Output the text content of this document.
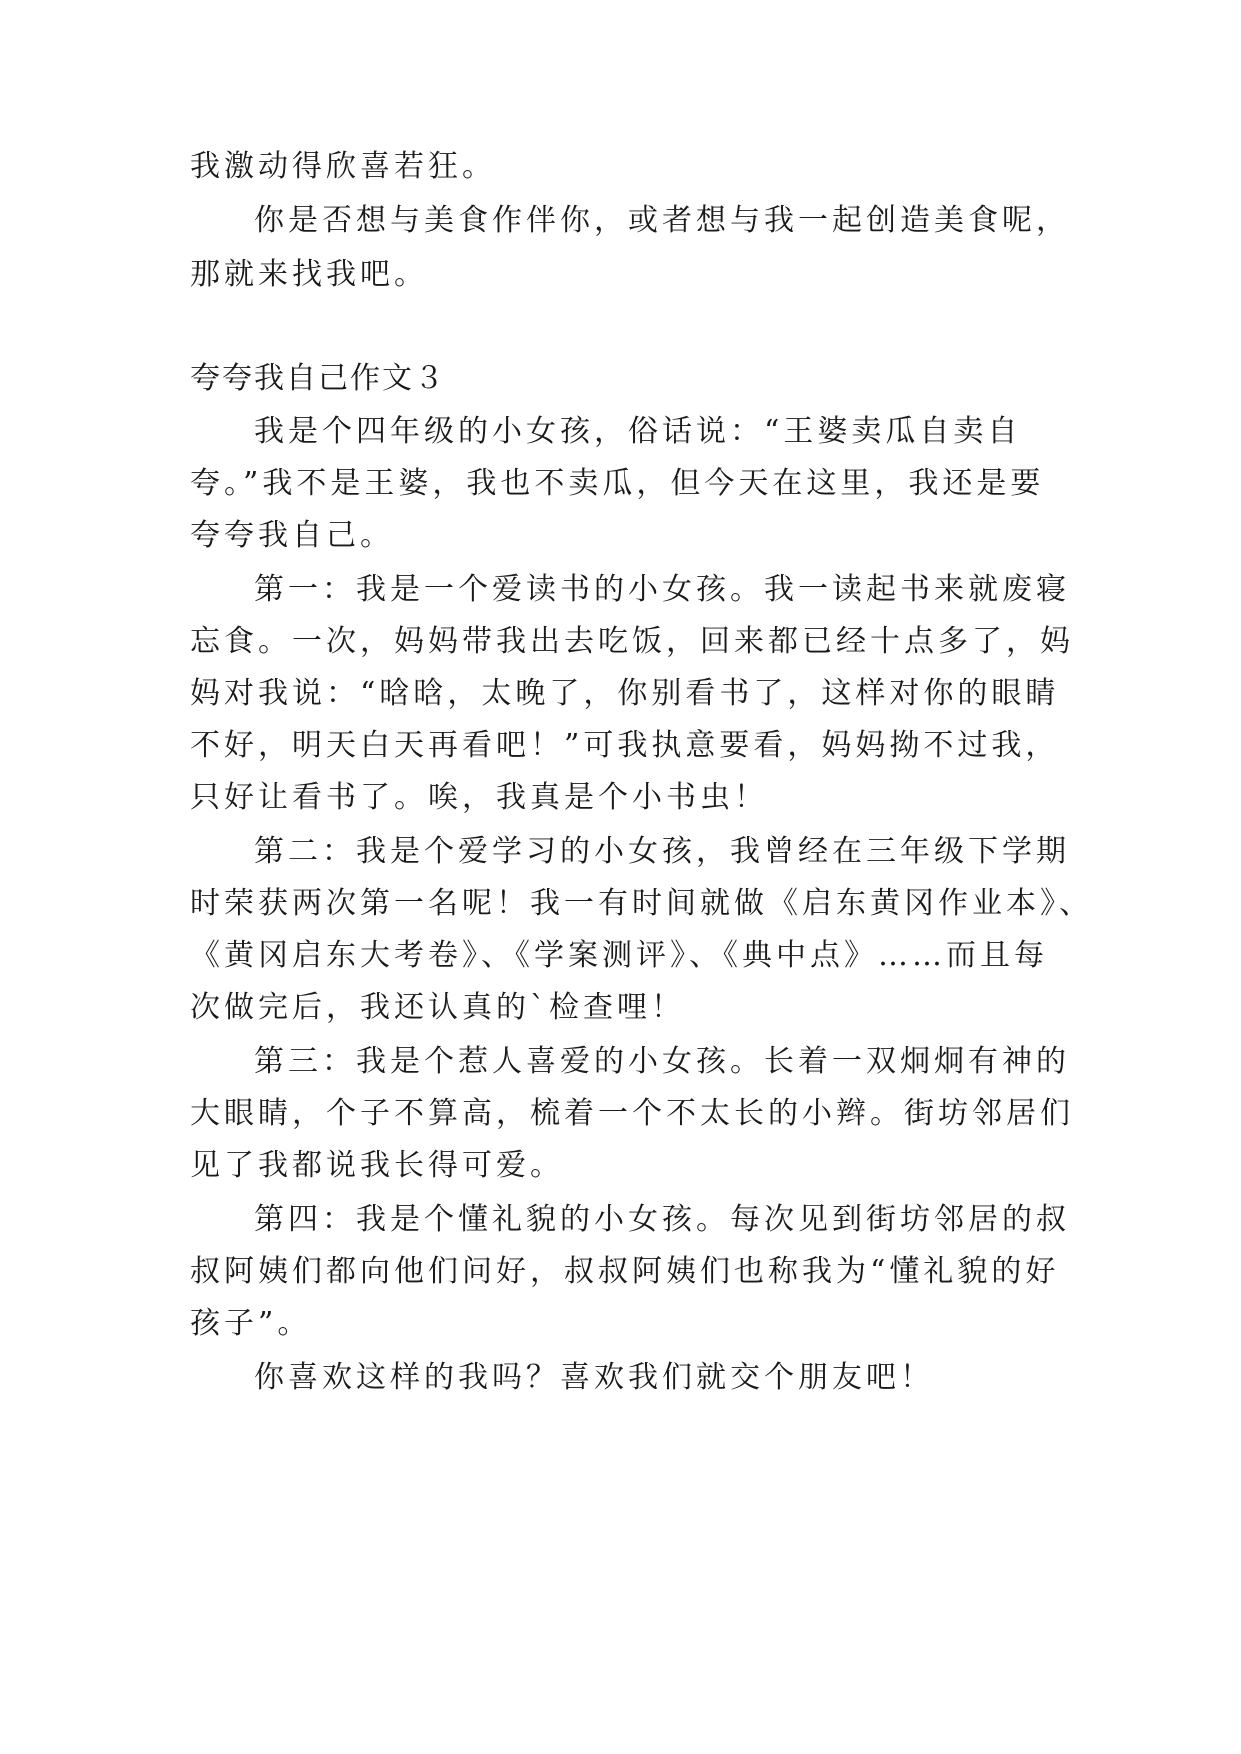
我激动得欣喜若狂。
你是否想与美食作伴你，或者想与我一起创造美食呢，
那就来找我吧。
夸夸我自己作文３
我是个四年级的小女孩，俗话说：“王婆卖瓜自卖自
夸。”我不是王婆，我也不卖瓜，但今天在这里，我还是要
夸夸我自己。
第一：我是一个爱读书的小女孩。我一读起书来就废寝
忘食。一次，妈妈带我出去吃饭，回来都已经十点多了，妈
妈对我说：“晗晗，太晚了，你别看书了，这样对你的眼睛
不好，明天白天再看吧！”可我执意要看，妈妈拗不过我，
只好让看书了。唉，我真是个小书虫！
第二：我是个爱学习的小女孩，我曾经在三年级下学期
时荣获两次第一名呢！我一有时间就做《启东黄冈作业本》、
《黄冈启东大考卷》、《学案测评》、《典中点》……而且每
次做完后，我还认真的`检查哩！
第三：我是个惹人喜爱的小女孩。长着一双炯炯有神的
大眼睛，个子不算高，梳着一个不太长的小辫。街坊邻居们
见了我都说我长得可爱。
第四：我是个懂礼貌的小女孩。每次见到街坊邻居的叔
叔阿姨们都向他们问好，叔叔阿姨们也称我为“懂礼貌的好
孩子”。
你喜欢这样的我吗？喜欢我们就交个朋友吧！
